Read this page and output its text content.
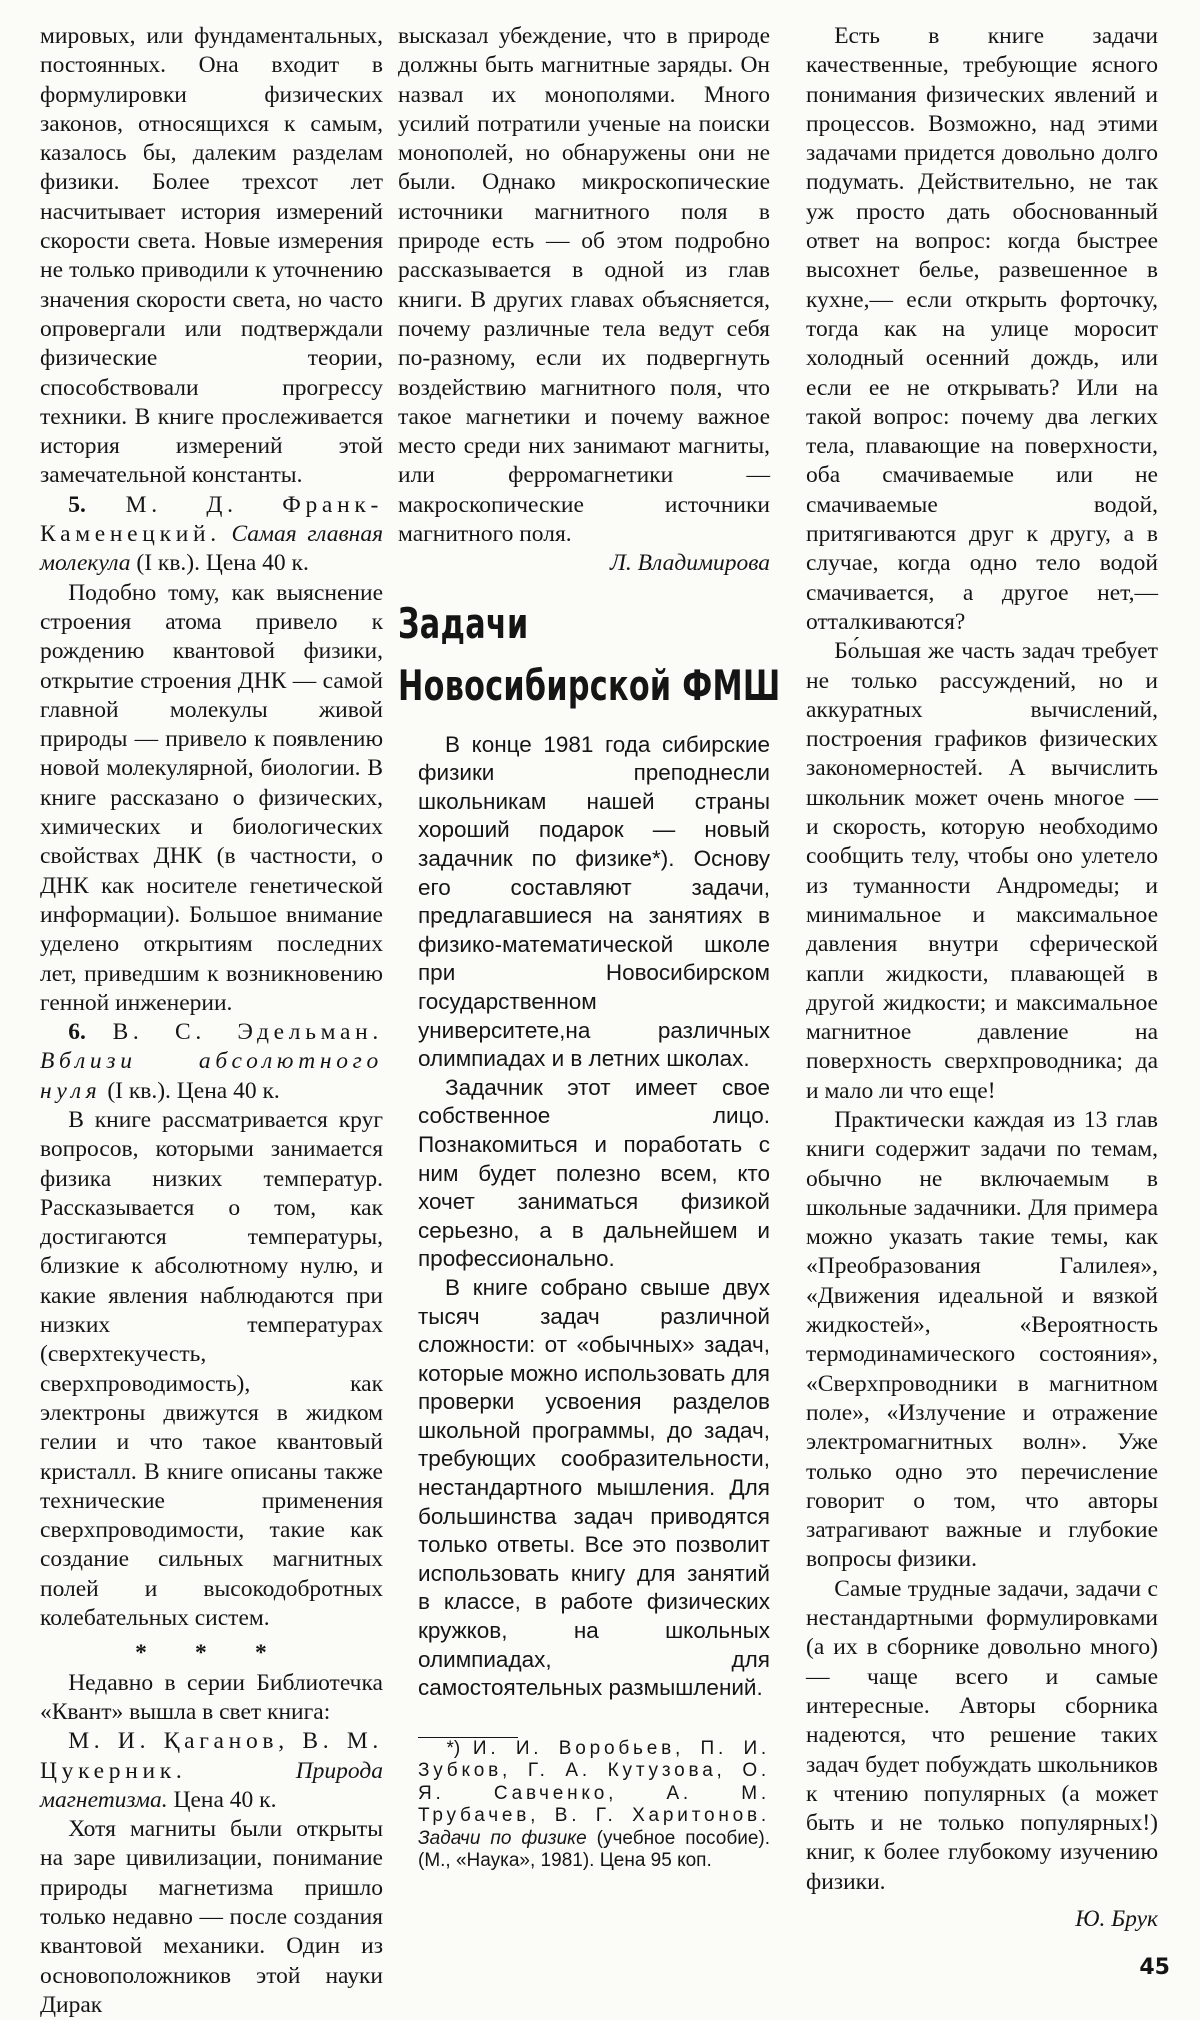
мировых, или фундаментальных, постоянных. Она входит в формулировки физических законов, относящихся к самым, казалось бы, далеким разделам физики. Более трехсот лет насчитывает история измерений скорости света. Новые измерения не только приводили к уточнению значения скорости света, но часто опровергали или подтверждали физические теории, способствовали прогрессу техники. В книге прослеживается история измерений этой замечательной константы.

5. М. Д. Франк-Каменецкий. Самая главная молекула (I кв.). Цена 40 к.

Подобно тому, как выяснение строения атома привело к рождению квантовой физики, открытие строения ДНК — самой главной молекулы живой природы — привело к появлению новой молекулярной, биологии. В книге рассказано о физических, химических и биологических свойствах ДНК (в частности, о ДНК как носителе генетической информации). Большое внимание уделено открытиям последних лет, приведшим к возникновению генной инженерии.

6. В. С. Эдельман. Вблизи абсолютного нуля (I кв.). Цена 40 к.

В книге рассматривается круг вопросов, которыми занимается физика низких температур. Рассказывается о том, как достигаются температуры, близкие к абсолютному нулю, и какие явления наблюдаются при низких температурах (сверхтекучесть, сверхпроводимость), как электроны движутся в жидком гелии и что такое квантовый кристалл. В книге описаны также технические применения сверхпроводимости, такие как создание сильных магнитных полей и высокодобротных колебательных систем.

* * *

Недавно в серии Библиотечка «Квант» вышла в свет книга:

М. И. Қаганов, В. М. Цукерник.	Природа магнетизма. Цена 40 к.

Хотя магниты были открыты на заре цивилизации, понимание природы магнетизма пришло только недавно — после создания квантовой механики. Один из основоположников этой науки Дирак

высказал убеждение, что в природе должны быть магнитные заряды. Он назвал их монополями. Много усилий потратили ученые на поиски монополей, но обнаружены они не были. Однако микроскопические источники магнитного поля в природе есть — об этом подробно рассказывается в одной из глав книги. В других главах объясняется, почему различные тела ведут себя по-разному, если их подвергнуть воздействию магнитного поля, что такое магнетики и почему важное место среди них занимают магниты, или ферромагнетики — макроскопические источники магнитного поля.

Л. Владимирова

Задачи
Новосибирской ФМШ

В конце 1981 года сибирские физики преподнесли школьникам нашей страны хороший подарок — новый задачник по физике*). Основу его составляют задачи, предлагавшиеся на занятиях в физико-математической школе при Новосибирском государственном университете,на различных олимпиадах и в летних школах.

Задачник этот имеет свое собственное лицо. Познакомиться и поработать с ним будет полезно всем, кто хочет заниматься физикой серьезно, а в дальнейшем и профессионально.

В книге собрано свыше двух тысяч задач различной сложности: от «обычных» задач, которые можно использовать для проверки усвоения разделов школьной программы, до задач, требующих сообразительности, нестандартного мышления. Для большинства задач приводятся только ответы. Все это позволит использовать книгу для занятий в классе, в работе физических кружков, на школьных олимпиадах, для самостоятельных размышлений.

*) И. И. Воробьев, П. И. Зубков, Г. А. Кутузова, О. Я. Савченко, А. М. Трубачев, В. Г. Харитонов. Задачи по физике (учебное пособие). (М., «Наука», 1981). Цена 95 коп.

Есть в книге задачи качественные, требующие ясного понимания физических явлений и процессов. Возможно, над этими задачами придется довольно долго подумать. Действительно, не так уж просто дать обоснованный ответ на вопрос: когда быстрее высохнет белье, развешенное в кухне,— если открыть форточку, тогда как на улице моросит холодный осенний дождь, или если ее не открывать? Или на такой вопрос: почему два легких тела, плавающие на поверхности, оба смачиваемые или не смачиваемые водой, притягиваются друг к другу, а в случае, когда одно тело водой смачивается, а другое нет,— отталкиваются?

Бо́льшая же часть задач требует не только рассуждений, но и аккуратных вычислений, построения графиков физических закономерностей. А вычислить школьник может очень многое — и скорость, которую необходимо сообщить телу, чтобы оно улетело из туманности Андромеды; и минимальное и максимальное давления внутри сферической капли жидкости, плавающей в другой жидкости; и максимальное магнитное давление на поверхность сверхпроводника; да и мало ли что еще!

Практически каждая из 13 глав книги содержит задачи по темам, обычно не включаемым в школьные задачники. Для примера можно указать такие темы, как «Преобразования Галилея», «Движения идеальной и вязкой жидкостей», «Вероятность термодинамического состояния», «Сверхпроводники в магнитном поле», «Излучение и отражение электромагнитных волн». Уже только одно это перечисление говорит о том, что авторы затрагивают важные и глубокие вопросы физики.

Самые трудные задачи, задачи с нестандартными формулировками (а их в сборнике довольно много) — чаще всего и самые интересные. Авторы сборника надеются, что решение таких задач будет побуждать школьников к чтению популярных (а может быть и не только популярных!) книг, к более глубокому изучению физики.

Ю. Брук

45
